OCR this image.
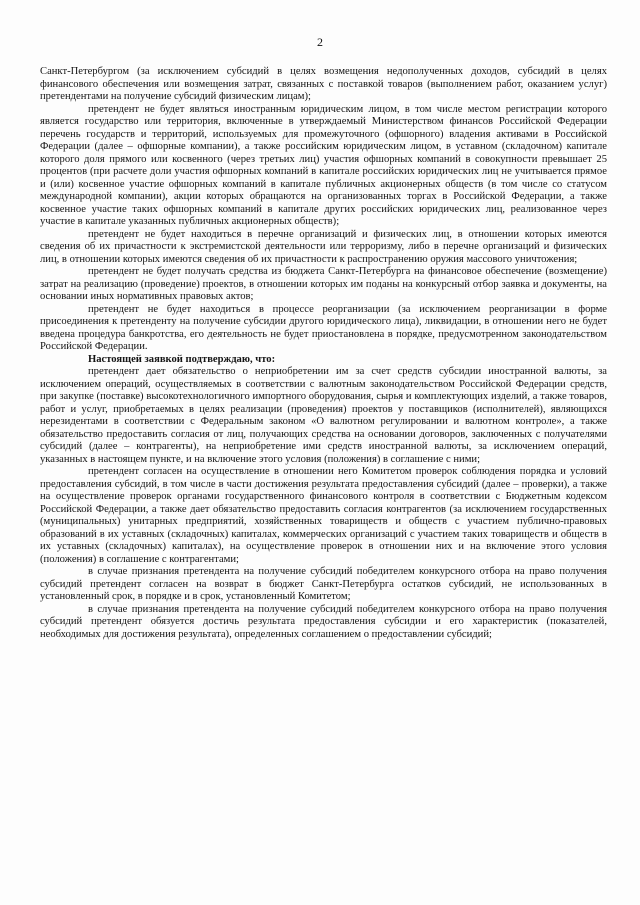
2

Санкт-Петербургом (за исключением субсидий в целях возмещения недополученных доходов, субсидий в целях финансового обеспечения или возмещения затрат, связанных с поставкой товаров (выполнением работ, оказанием услуг) претендентами на получение субсидий физическим лицам);

претендент не будет являться иностранным юридическим лицом, в том числе местом регистрации которого является государство или территория, включенные в утверждаемый Министерством финансов Российской Федерации перечень государств и территорий, используемых для промежуточного (офшорного) владения активами в Российской Федерации (далее – офшорные компании), а также российским юридическим лицом, в уставном (складочном) капитале которого доля прямого или косвенного (через третьих лиц) участия офшорных компаний в совокупности превышает 25 процентов (при расчете доли участия офшорных компаний в капитале российских юридических лиц не учитывается прямое и (или) косвенное участие офшорных компаний в капитале публичных акционерных обществ (в том числе со статусом международной компании), акции которых обращаются на организованных торгах в Российской Федерации, а также косвенное участие таких офшорных компаний в капитале других российских юридических лиц, реализованное через участие в капитале указанных публичных акционерных обществ);

претендент не будет находиться в перечне организаций и физических лиц, в отношении которых имеются сведения об их причастности к экстремистской деятельности или терроризму, либо в перечне организаций и физических лиц, в отношении которых имеются сведения об их причастности к распространению оружия массового уничтожения;

претендент не будет получать средства из бюджета Санкт-Петербурга на финансовое обеспечение (возмещение) затрат на реализацию (проведение) проектов, в отношении которых им поданы на конкурсный отбор заявка и документы, на основании иных нормативных правовых актов;

претендент не будет находиться в процессе реорганизации (за исключением реорганизации в форме присоединения к претенденту на получение субсидии другого юридического лица), ликвидации, в отношении него не будет введена процедура банкротства, его деятельность не будет приостановлена в порядке, предусмотренном законодательством Российской Федерации.

Настоящей заявкой подтверждаю, что:

претендент дает обязательство о неприобретении им за счет средств субсидии иностранной валюты, за исключением операций, осуществляемых в соответствии с валютным законодательством Российской Федерации средств, при закупке (поставке) высокотехнологичного импортного оборудования, сырья и комплектующих изделий, а также товаров, работ и услуг, приобретаемых в целях реализации (проведения) проектов у поставщиков (исполнителей), являющихся нерезидентами в соответствии с Федеральным законом «О валютном регулировании и валютном контроле», а также обязательство предоставить согласия от лиц, получающих средства на основании договоров, заключенных с получателями субсидий (далее – контрагенты), на неприобретение ими средств иностранной валюты, за исключением операций, указанных в настоящем пункте, и на включение этого условия (положения) в соглашение с ними;

претендент согласен на осуществление в отношении него Комитетом проверок соблюдения порядка и условий предоставления субсидий, в том числе в части достижения результата предоставления субсидий (далее – проверки), а также на осуществление проверок органами государственного финансового контроля в соответствии с Бюджетным кодексом Российской Федерации, а также дает обязательство предоставить согласия контрагентов (за исключением государственных (муниципальных) унитарных предприятий, хозяйственных товариществ и обществ с участием публично-правовых образований в их уставных (складочных) капиталах, коммерческих организаций с участием таких товариществ и обществ в их уставных (складочных) капиталах), на осуществление проверок в отношении них и на включение этого условия (положения) в соглашение с контрагентами;

в случае признания претендента на получение субсидий победителем конкурсного отбора на право получения субсидий претендент согласен на возврат в бюджет Санкт-Петербурга остатков субсидий, не использованных в установленный срок, в порядке и в срок, установленный Комитетом;

в случае признания претендента на получение субсидий победителем конкурсного отбора на право получения субсидий претендент обязуется достичь результата предоставления субсидии и его характеристик (показателей, необходимых для достижения результата), определенных соглашением о предоставлении субсидий;
